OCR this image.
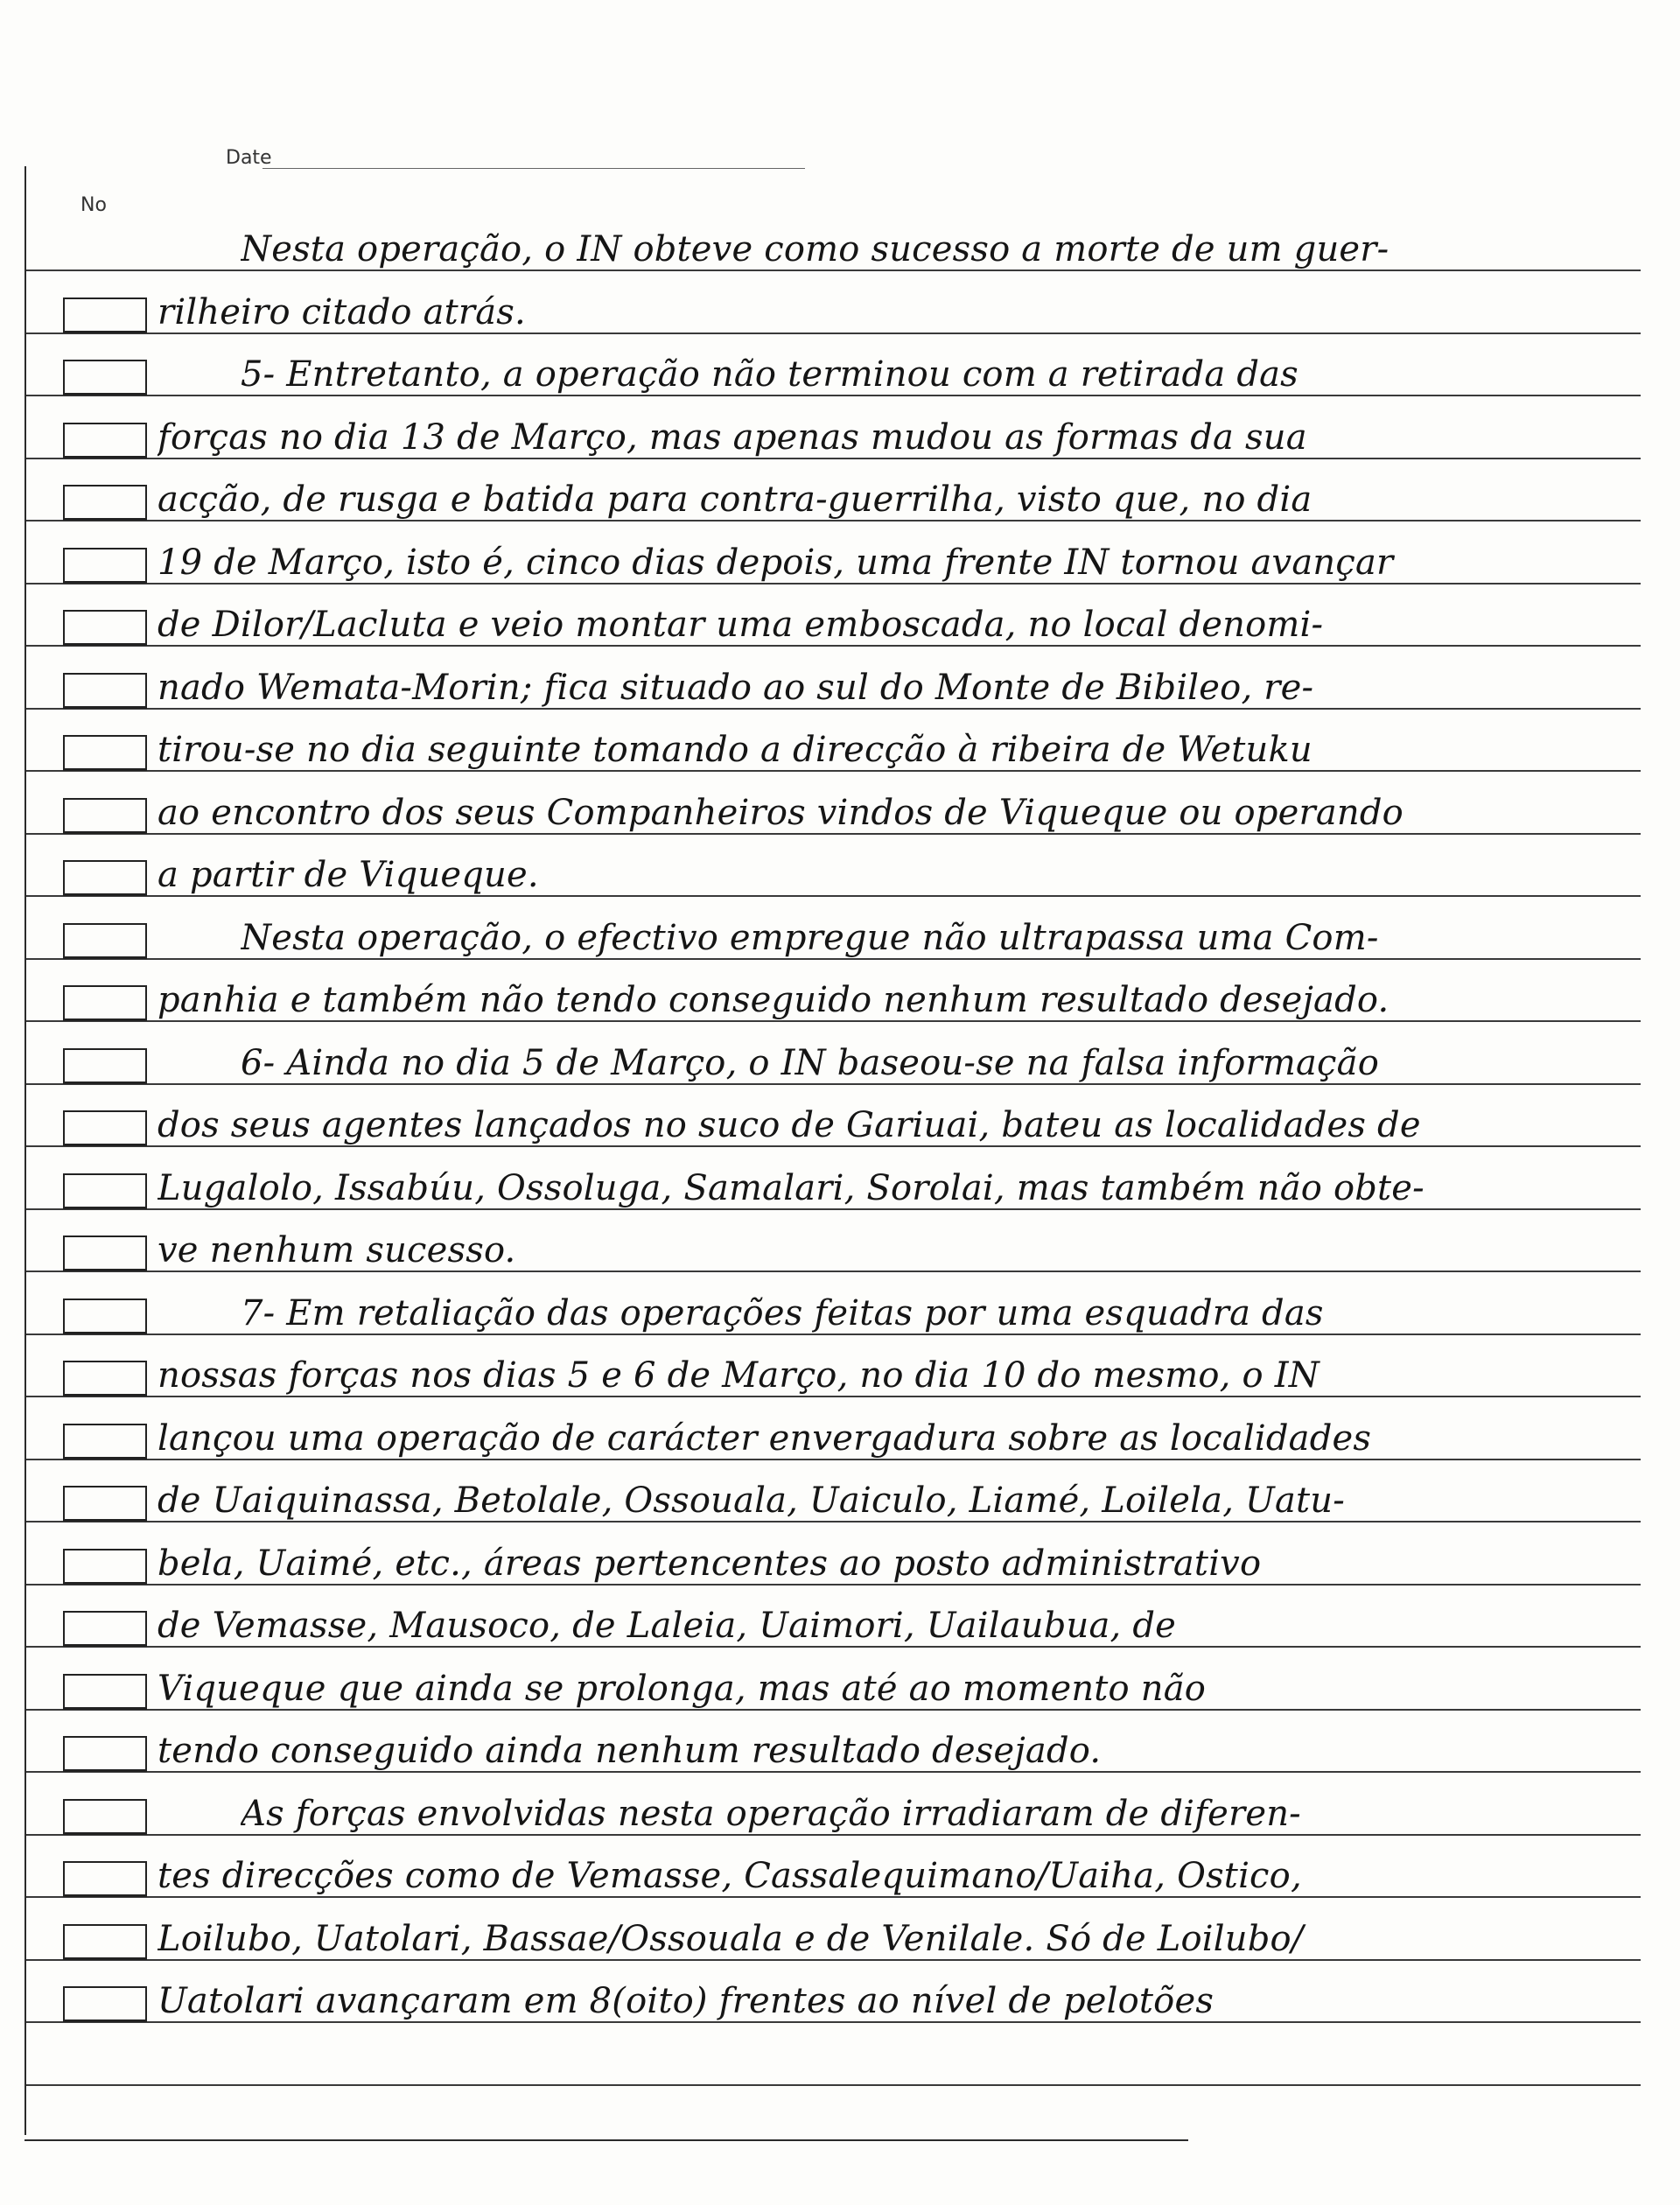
Date
No
Nesta operação, o IN obteve como sucesso a morte de um guer-
rilheiro citado atrás.
5- Entretanto, a operação não terminou com a retirada das
forças no dia 13 de Março, mas apenas mudou as formas da sua
acção, de rusga e batida para contra-guerrilha, visto que, no dia
19 de Março, isto é, cinco dias depois, uma frente IN tornou avançar
de Dilor/Lacluta e veio montar uma emboscada, no local denomi-
nado Wemata-Morin; fica situado ao sul do Monte de Bibileo, re-
tirou-se no dia seguinte tomando a direcção à ribeira de Wetuku
ao encontro dos seus Companheiros vindos de Viqueque ou operando
a partir de Viqueque.
Nesta operação, o efectivo empregue não ultrapassa uma Com-
panhia e também não tendo conseguido nenhum resultado desejado.
6- Ainda no dia 5 de Março, o IN baseou-se na falsa informação
dos seus agentes lançados no suco de Gariuai, bateu as localidades de
Lugalolo, Issabúu, Ossoluga, Samalari, Sorolai, mas também não obte-
ve nenhum sucesso.
7- Em retaliação das operações feitas por uma esquadra das
nossas forças nos dias 5 e 6 de Março, no dia 10 do mesmo, o IN
lançou uma operação de carácter envergadura sobre as localidades
de Uaiquinassa, Betolale, Ossouala, Uaiculo, Liamé, Loilela, Uatu-
bela, Uaimé, etc., áreas pertencentes ao posto administrativo
de Vemasse, Mausoco, de Laleia, Uaimori, Uailaubua, de
Viqueque que ainda se prolonga, mas até ao momento não
tendo conseguido ainda nenhum resultado desejado.
As forças envolvidas nesta operação irradiaram de diferen-
tes direcções como de Vemasse, Cassalequimano/Uaiha, Ostico,
Loilubo, Uatolari, Bassae/Ossouala e de Venilale. Só de Loilubo/
Uatolari avançaram em 8(oito) frentes ao nível de pelotões
